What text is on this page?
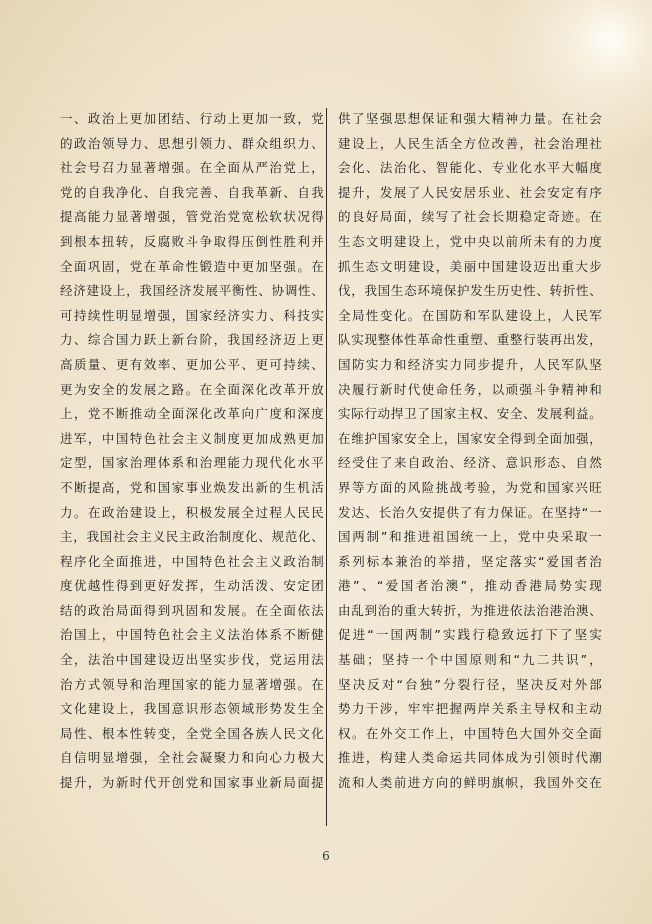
一、政治上更加团结、行动上更加一致，党
的政治领导力、思想引领力、群众组织力、
社会号召力显著增强。在全面从严治党上，
党的自我净化、自我完善、自我革新、自我
提高能力显著增强，管党治党宽松软状况得
到根本扭转，反腐败斗争取得压倒性胜利并
全面巩固，党在革命性锻造中更加坚强。在
经济建设上，我国经济发展平衡性、协调性、
可持续性明显增强，国家经济实力、科技实
力、综合国力跃上新台阶，我国经济迈上更
高质量、更有效率、更加公平、更可持续、
更为安全的发展之路。在全面深化改革开放
上，党不断推动全面深化改革向广度和深度
进军，中国特色社会主义制度更加成熟更加
定型，国家治理体系和治理能力现代化水平
不断提高，党和国家事业焕发出新的生机活
力。在政治建设上，积极发展全过程人民民
主，我国社会主义民主政治制度化、规范化、
程序化全面推进，中国特色社会主义政治制
度优越性得到更好发挥，生动活泼、安定团
结的政治局面得到巩固和发展。在全面依法
治国上，中国特色社会主义法治体系不断健
全，法治中国建设迈出坚实步伐，党运用法
治方式领导和治理国家的能力显著增强。在
文化建设上，我国意识形态领域形势发生全
局性、根本性转变，全党全国各族人民文化
自信明显增强，全社会凝聚力和向心力极大
提升，为新时代开创党和国家事业新局面提
供了坚强思想保证和强大精神力量。在社会
建设上，人民生活全方位改善，社会治理社
会化、法治化、智能化、专业化水平大幅度
提升，发展了人民安居乐业、社会安定有序
的良好局面，续写了社会长期稳定奇迹。在
生态文明建设上，党中央以前所未有的力度
抓生态文明建设，美丽中国建设迈出重大步
伐，我国生态环境保护发生历史性、转折性、
全局性变化。在国防和军队建设上，人民军
队实现整体性革命性重塑、重整行装再出发，
国防实力和经济实力同步提升，人民军队坚
决履行新时代使命任务，以顽强斗争精神和
实际行动捍卫了国家主权、安全、发展利益。
在维护国家安全上，国家安全得到全面加强，
经受住了来自政治、经济、意识形态、自然
界等方面的风险挑战考验，为党和国家兴旺
发达、长治久安提供了有力保证。在坚持“一
国两制”和推进祖国统一上，党中央采取一
系列标本兼治的举措，坚定落实“爱国者治
港”、“爱国者治澳”，推动香港局势实现
由乱到治的重大转折，为推进依法治港治澳、
促进“一国两制”实践行稳致远打下了坚实
基础；坚持一个中国原则和“九二共识”，
坚决反对“台独”分裂行径，坚决反对外部
势力干涉，牢牢把握两岸关系主导权和主动
权。在外交工作上，中国特色大国外交全面
推进，构建人类命运共同体成为引领时代潮
流和人类前进方向的鲜明旗帜，我国外交在
6
